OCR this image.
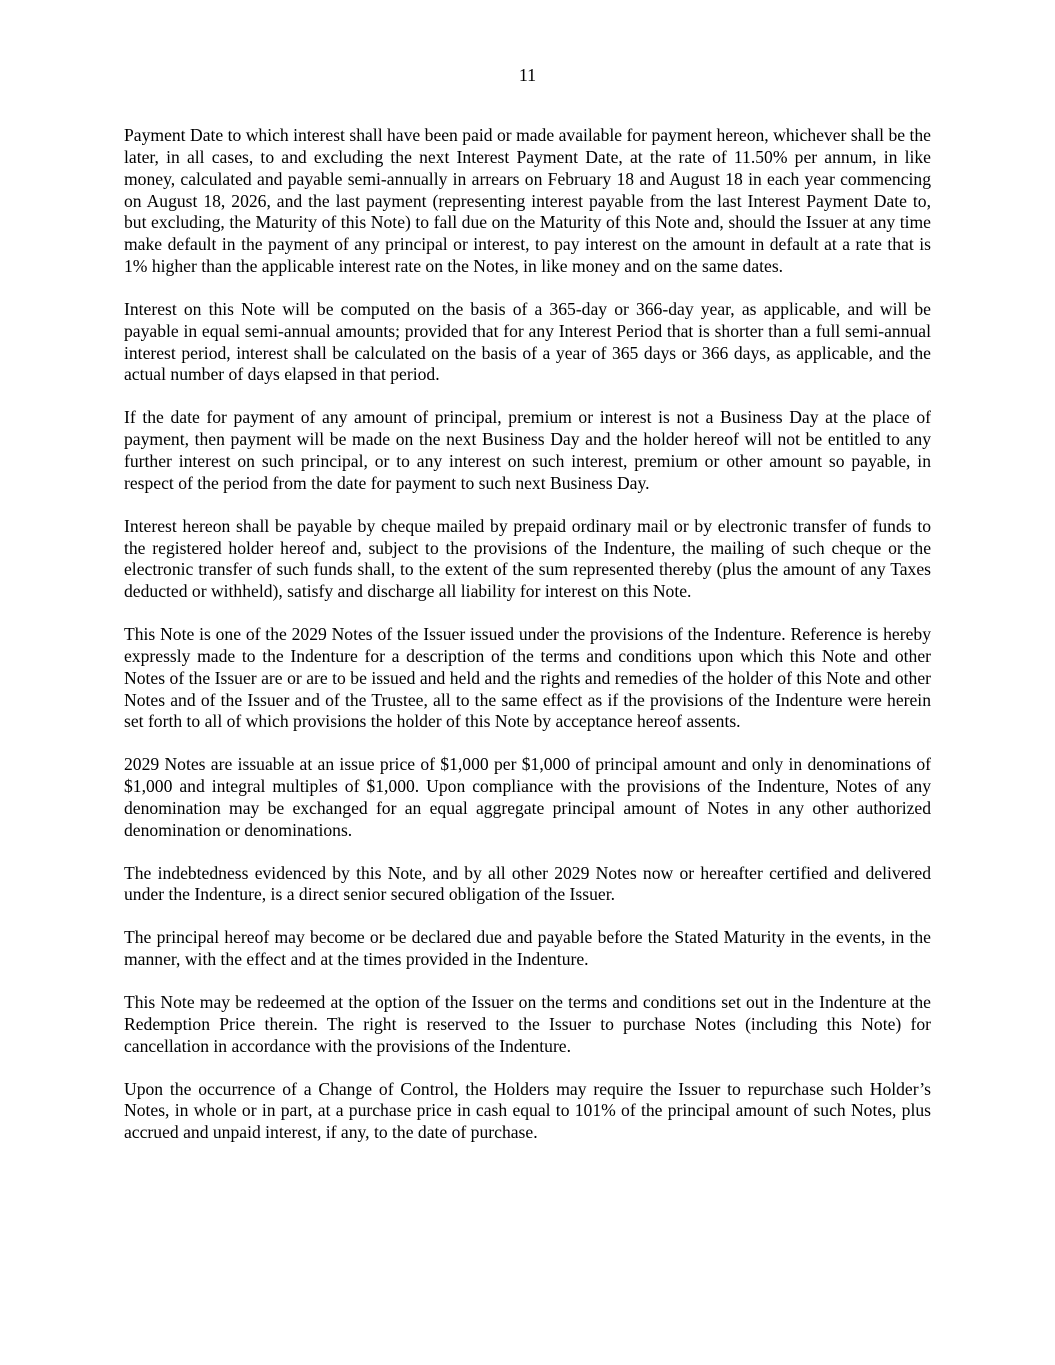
11

Payment Date to which interest shall have been paid or made available for payment hereon, whichever shall be the later, in all cases, to and excluding the next Interest Payment Date, at the rate of 11.50% per annum, in like money, calculated and payable semi-annually in arrears on February 18 and August 18 in each year commencing on August 18, 2026, and the last payment (representing interest payable from the last Interest Payment Date to, but excluding, the Maturity of this Note) to fall due on the Maturity of this Note and, should the Issuer at any time make default in the payment of any principal or interest, to pay interest on the amount in default at a rate that is 1% higher than the applicable interest rate on the Notes, in like money and on the same dates.

Interest on this Note will be computed on the basis of a 365-day or 366-day year, as applicable, and will be payable in equal semi-annual amounts; provided that for any Interest Period that is shorter than a full semi-annual interest period, interest shall be calculated on the basis of a year of 365 days or 366 days, as applicable, and the actual number of days elapsed in that period.

If the date for payment of any amount of principal, premium or interest is not a Business Day at the place of payment, then payment will be made on the next Business Day and the holder hereof will not be entitled to any further interest on such principal, or to any interest on such interest, premium or other amount so payable, in respect of the period from the date for payment to such next Business Day.

Interest hereon shall be payable by cheque mailed by prepaid ordinary mail or by electronic transfer of funds to the registered holder hereof and, subject to the provisions of the Indenture, the mailing of such cheque or the electronic transfer of such funds shall, to the extent of the sum represented thereby (plus the amount of any Taxes deducted or withheld), satisfy and discharge all liability for interest on this Note.

This Note is one of the 2029 Notes of the Issuer issued under the provisions of the Indenture. Reference is hereby expressly made to the Indenture for a description of the terms and conditions upon which this Note and other Notes of the Issuer are or are to be issued and held and the rights and remedies of the holder of this Note and other Notes and of the Issuer and of the Trustee, all to the same effect as if the provisions of the Indenture were herein set forth to all of which provisions the holder of this Note by acceptance hereof assents.

2029 Notes are issuable at an issue price of $1,000 per $1,000 of principal amount and only in denominations of $1,000 and integral multiples of $1,000. Upon compliance with the provisions of the Indenture, Notes of any denomination may be exchanged for an equal aggregate principal amount of Notes in any other authorized denomination or denominations.

The indebtedness evidenced by this Note, and by all other 2029 Notes now or hereafter certified and delivered under the Indenture, is a direct senior secured obligation of the Issuer.

The principal hereof may become or be declared due and payable before the Stated Maturity in the events, in the manner, with the effect and at the times provided in the Indenture.

This Note may be redeemed at the option of the Issuer on the terms and conditions set out in the Indenture at the Redemption Price therein. The right is reserved to the Issuer to purchase Notes (including this Note) for cancellation in accordance with the provisions of the Indenture.

Upon the occurrence of a Change of Control, the Holders may require the Issuer to repurchase such Holder’s Notes, in whole or in part, at a purchase price in cash equal to 101% of the principal amount of such Notes, plus accrued and unpaid interest, if any, to the date of purchase.
